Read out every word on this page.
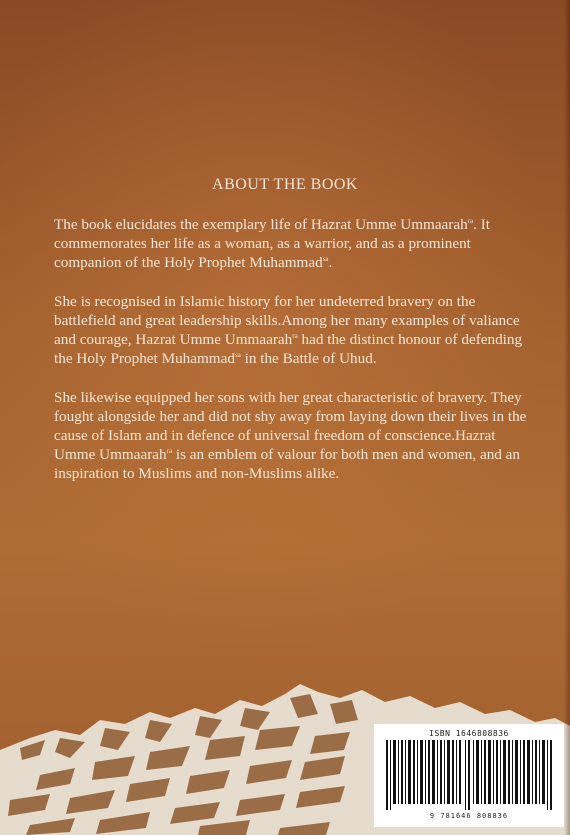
ABOUT THE BOOK

The book elucidates the exemplary life of Hazrat Umme Ummaarah$^{ra}$. It commemorates her life as a woman, as a warrior, and as a prominent companion of the Holy Prophet Muhammad$^{sa}$.

She is recognised in Islamic history for her undeterred bravery on the battlefield and great leadership skills.Among her many examples of valiance and courage, Hazrat Umme Ummaarah$^{ra}$ had the distinct honour of defending the Holy Prophet Muhammad$^{sa}$ in the Battle of Uhud.

She likewise equipped her sons with her great characteristic of bravery. They fought alongside her and did not shy away from laying down their lives in the cause of Islam and in defence of universal freedom of conscience.Hazrat Umme Ummaarah$^{ra}$ is an emblem of valour for both men and women, and an inspiration to Muslims and non-Muslims alike.

ISBN 1646808836
9 781646 808836
